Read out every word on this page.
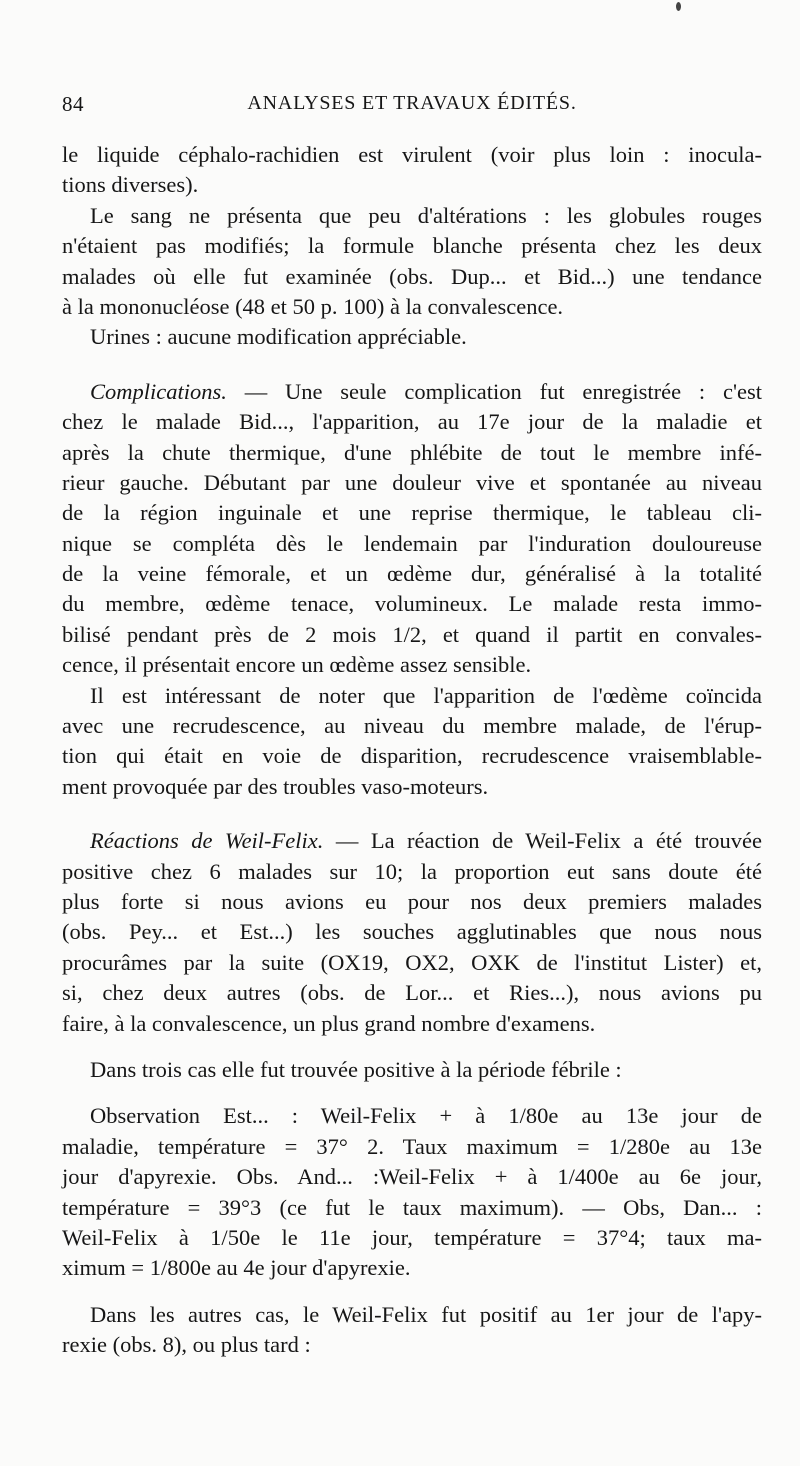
84	ANALYSES ET TRAVAUX ÉDITÉS.
le liquide céphalo-rachidien est virulent (voir plus loin : inocula-
tions diverses).
Le sang ne présenta que peu d'altérations : les globules rouges
n'étaient pas modifiés; la formule blanche présenta chez les deux
malades où elle fut examinée (obs. Dup... et Bid...) une tendance
à la mononucléose (48 et 50 p. 100) à la convalescence.
Urines : aucune modification appréciable.
Complications. — Une seule complication fut enregistrée : c'est
chez le malade Bid..., l'apparition, au 17e jour de la maladie et
après la chute thermique, d'une phlébite de tout le membre infé-
rieur gauche. Débutant par une douleur vive et spontanée au niveau
de la région inguinale et une reprise thermique, le tableau cli-
nique se compléta dès le lendemain par l'induration douloureuse
de la veine fémorale, et un œdème dur, généralisé à la totalité
du membre, œdème tenace, volumineux. Le malade resta immo-
bilisé pendant près de 2 mois 1/2, et quand il partit en convales-
cence, il présentait encore un œdème assez sensible.
Il est intéressant de noter que l'apparition de l'œdème coïncida
avec une recrudescence, au niveau du membre malade, de l'érup-
tion qui était en voie de disparition, recrudescence vraisemblable-
ment provoquée par des troubles vaso-moteurs.
Réactions de Weil-Felix. — La réaction de Weil-Felix a été trouvée
positive chez 6 malades sur 10; la proportion eut sans doute été
plus forte si nous avions eu pour nos deux premiers malades
(obs. Pey... et Est...) les souches agglutinables que nous nous
procurâmes par la suite (OX19, OX2, OXK de l'institut Lister) et,
si, chez deux autres (obs. de Lor... et Ries...), nous avions pu
faire, à la convalescence, un plus grand nombre d'examens.
Dans trois cas elle fut trouvée positive à la période fébrile :
Observation Est... : Weil-Felix + à 1/80e au 13e jour de
maladie, température = 37° 2. Taux maximum = 1/280e au 13e
jour d'apyrexie. Obs. And... :Weil-Felix + à 1/400e au 6e jour,
température = 39°3 (ce fut le taux maximum). — Obs, Dan... :
Weil-Felix à 1/50e le 11e jour, température = 37°4; taux ma-
ximum = 1/800e au 4e jour d'apyrexie.
Dans les autres cas, le Weil-Felix fut positif au 1er jour de l'apy-
rexie (obs. 8), ou plus tard :
